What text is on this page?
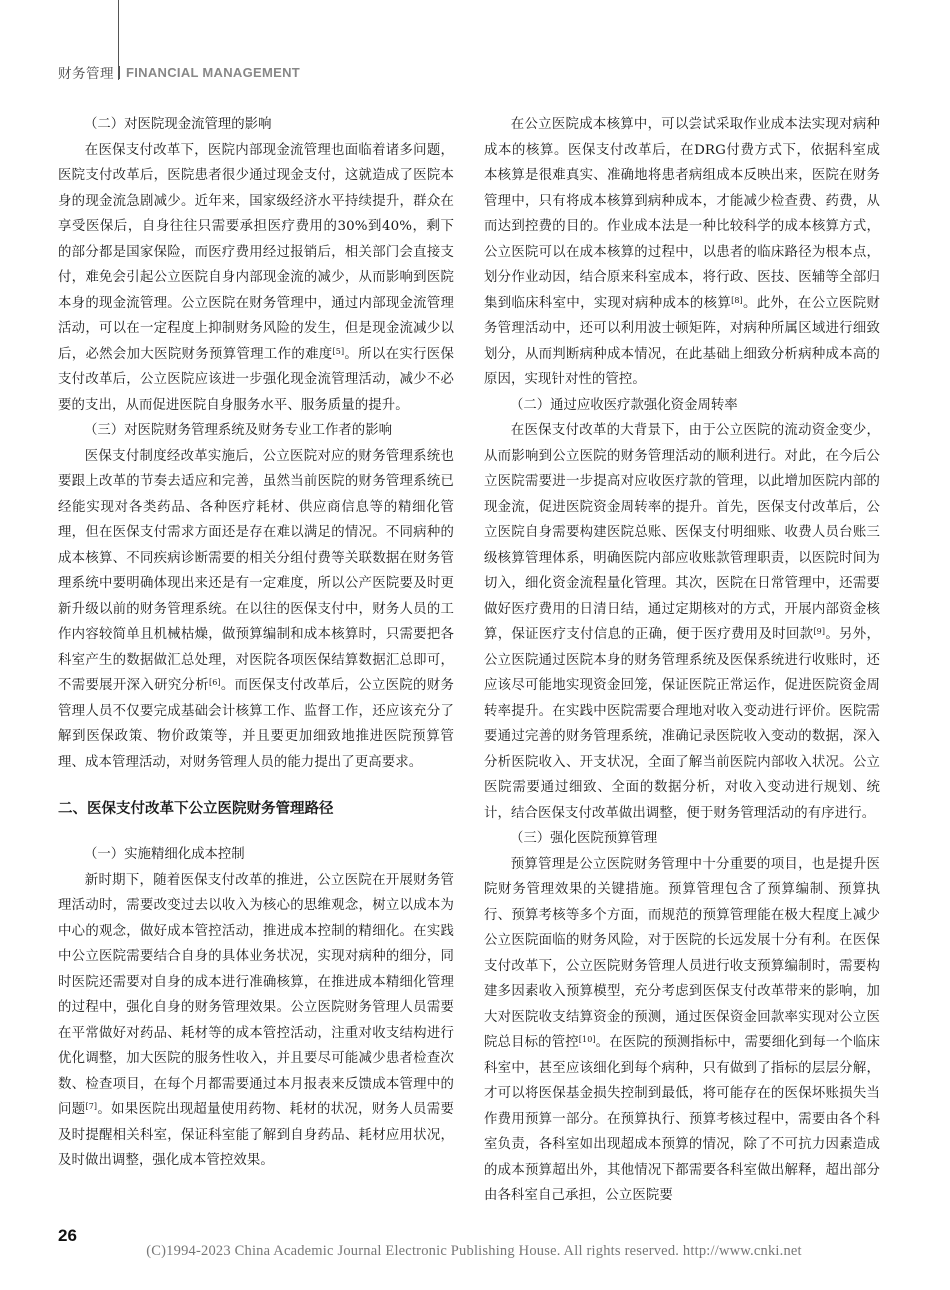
财务管理 FINANCIAL MANAGEMENT
（二）对医院现金流管理的影响

在医保支付改革下，医院内部现金流管理也面临着诸多问题，医院支付改革后，医院患者很少通过现金支付，这就造成了医院本身的现金流急剧减少。近年来，国家级经济水平持续提升，群众在享受医保后，自身往往只需要承担医疗费用的30%到40%，剩下的部分都是国家保险，而医疗费用经过报销后，相关部门会直接支付，难免会引起公立医院自身内部现金流的减少，从而影响到医院本身的现金流管理。公立医院在财务管理中，通过内部现金流管理活动，可以在一定程度上抑制财务风险的发生，但是现金流减少以后，必然会加大医院财务预算管理工作的难度[5]。所以在实行医保支付改革后，公立医院应该进一步强化现金流管理活动，减少不必要的支出，从而促进医院自身服务水平、服务质量的提升。

（三）对医院财务管理系统及财务专业工作者的影响

医保支付制度经改革实施后，公立医院对应的财务管理系统也要跟上改革的节奏去适应和完善，虽然当前医院的财务管理系统已经能实现对各类药品、各种医疗耗材、供应商信息等的精细化管理，但在医保支付需求方面还是存在难以满足的情况。不同病种的成本核算、不同疾病诊断需要的相关分组付费等关联数据在财务管理系统中要明确体现出来还是有一定难度，所以公产医院要及时更新升级以前的财务管理系统。在以往的医保支付中，财务人员的工作内容较简单且机械枯燥，做预算编制和成本核算时，只需要把各科室产生的数据做汇总处理，对医院各项医保结算数据汇总即可，不需要展开深入研究分析[6]。而医保支付改革后，公立医院的财务管理人员不仅要完成基础会计核算工作、监督工作，还应该充分了解到医保政策、物价政策等，并且要更加细致地推进医院预算管理、成本管理活动，对财务管理人员的能力提出了更高要求。

二、医保支付改革下公立医院财务管理路径
（一）实施精细化成本控制

新时期下，随着医保支付改革的推进，公立医院在开展财务管理活动时，需要改变过去以收入为核心的思维观念，树立以成本为中心的观念，做好成本管控活动，推进成本控制的精细化。在实践中公立医院需要结合自身的具体业务状况，实现对病种的细分，同时医院还需要对自身的成本进行准确核算，在推进成本精细化管理的过程中，强化自身的财务管理效果。公立医院财务管理人员需要在平常做好对药品、耗材等的成本管控活动，注重对收支结构进行优化调整，加大医院的服务性收入，并且要尽可能减少患者检查次数、检查项目，在每个月都需要通过本月报表来反馈成本管理中的问题[7]。如果医院出现超量使用药物、耗材的状况，财务人员需要及时提醒相关科室，保证科室能了解到自身药品、耗材应用状况，及时做出调整，强化成本管控效果。

在公立医院成本核算中，可以尝试采取作业成本法实现对病种成本的核算。医保支付改革后，在DRG付费方式下，依据科室成本核算是很难真实、准确地将患者病组成本反映出来，医院在财务管理中，只有将成本核算到病种成本，才能减少检查费、药费，从而达到控费的目的。作业成本法是一种比较科学的成本核算方式，公立医院可以在成本核算的过程中，以患者的临床路径为根本点，划分作业动因，结合原来科室成本，将行政、医技、医辅等全部归集到临床科室中，实现对病种成本的核算[8]。此外，在公立医院财务管理活动中，还可以利用波士顿矩阵，对病种所属区域进行细致划分，从而判断病种成本情况，在此基础上细致分析病种成本高的原因，实现针对性的管控。

（二）通过应收医疗款强化资金周转率

在医保支付改革的大背景下，由于公立医院的流动资金变少，从而影响到公立医院的财务管理活动的顺利进行。对此，在今后公立医院需要进一步提高对应收医疗款的管理，以此增加医院内部的现金流，促进医院资金周转率的提升。首先，医保支付改革后，公立医院自身需要构建医院总账、医保支付明细账、收费人员台账三级核算管理体系，明确医院内部应收账款管理职责，以医院时间为切入，细化资金流程量化管理。其次，医院在日常管理中，还需要做好医疗费用的日清日结，通过定期核对的方式，开展内部资金核算，保证医疗支付信息的正确，便于医疗费用及时回款[9]。另外，公立医院通过医院本身的财务管理系统及医保系统进行收账时，还应该尽可能地实现资金回笼，保证医院正常运作，促进医院资金周转率提升。在实践中医院需要合理地对收入变动进行评价。医院需要通过完善的财务管理系统，准确记录医院收入变动的数据，深入分析医院收入、开支状况，全面了解当前医院内部收入状况。公立医院需要通过细致、全面的数据分析，对收入变动进行规划、统计，结合医保支付改革做出调整，便于财务管理活动的有序进行。

（三）强化医院预算管理

预算管理是公立医院财务管理中十分重要的项目，也是提升医院财务管理效果的关键措施。预算管理包含了预算编制、预算执行、预算考核等多个方面，而规范的预算管理能在极大程度上减少公立医院面临的财务风险，对于医院的长远发展十分有利。在医保支付改革下，公立医院财务管理人员进行收支预算编制时，需要构建多因素收入预算模型，充分考虑到医保支付改革带来的影响，加大对医院收支结算资金的预测，通过医保资金回款率实现对公立医院总目标的管控[10]。在医院的预测指标中，需要细化到每一个临床科室中，甚至应该细化到每个病种，只有做到了指标的层层分解，才可以将医保基金损失控制到最低，将可能存在的医保坏账损失当作费用预算一部分。在预算执行、预算考核过程中，需要由各个科室负责，各科室如出现超成本预算的情况，除了不可抗力因素造成的成本预算超出外，其他情况下都需要各科室做出解释，超出部分由各科室自己承担，公立医院要

26
(C)1994-2023 China Academic Journal Electronic Publishing House. All rights reserved. http://www.cnki.net
